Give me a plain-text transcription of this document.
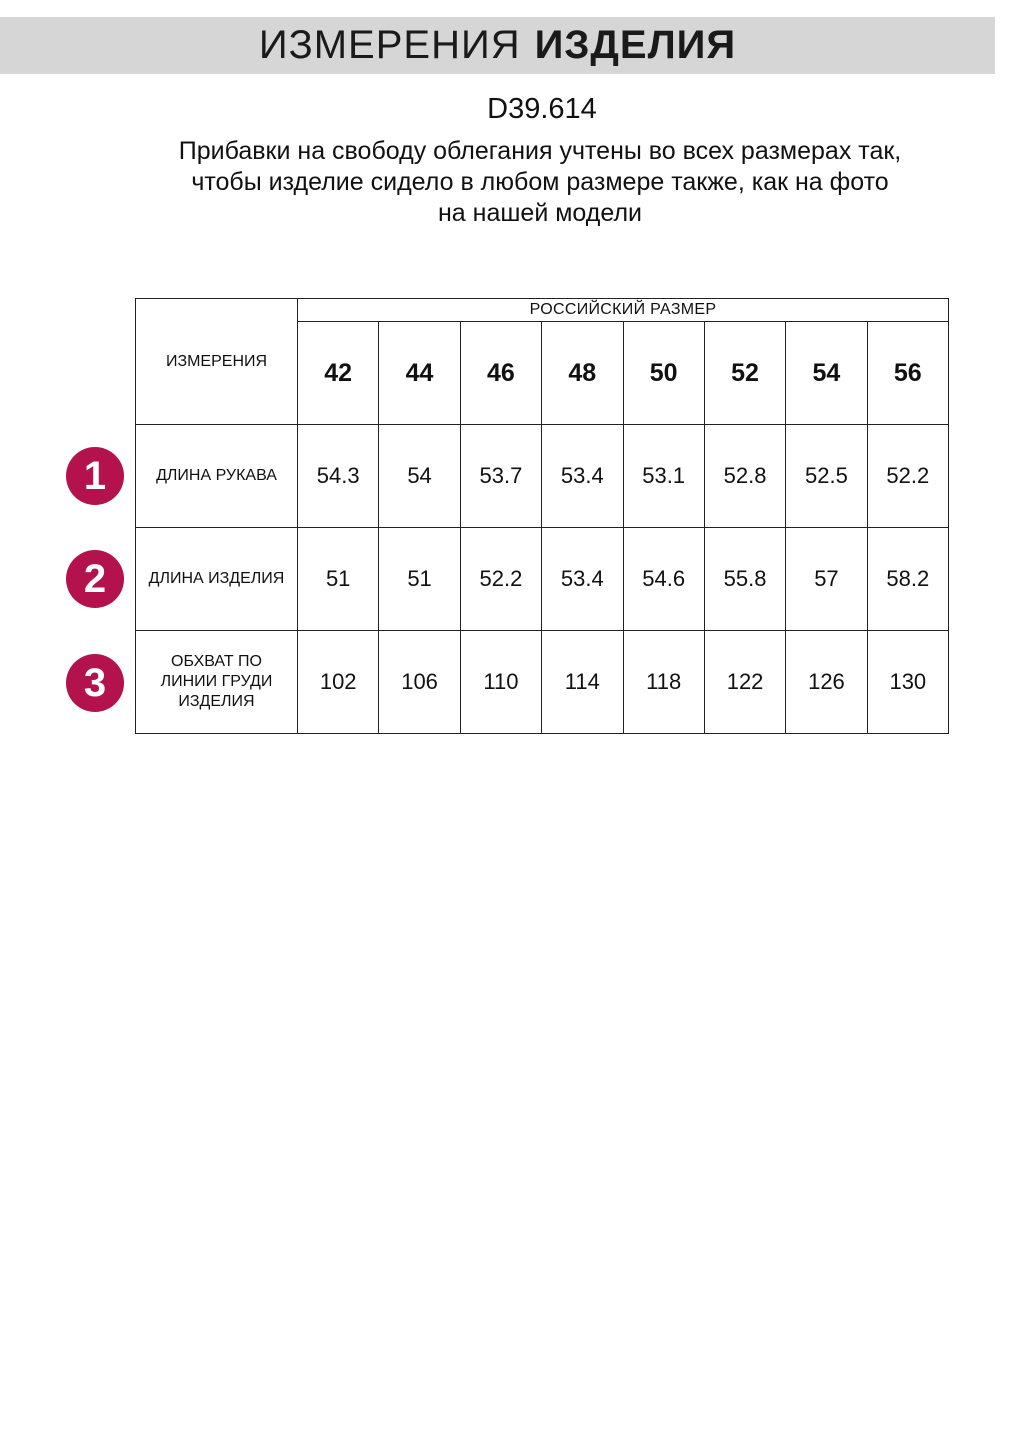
ИЗМЕРЕНИЯ ИЗДЕЛИЯ
D39.614
Прибавки на свободу облегания учтены во всех размерах так,
чтобы изделие сидело в любом размере также, как на фото
на нашей модели
ИЗМЕРЕНИЯ	РОССИЙСКИЙ РАЗМЕР							
	42	44	46	48	50	52	54	56
ДЛИНА РУКАВА	54.3	54	53.7	53.4	53.1	52.8	52.5	52.2
ДЛИНА ИЗДЕЛИЯ	51	51	52.2	53.4	54.6	55.8	57	58.2

ОБХВАТ ПО
ЛИНИИ ГРУДИ
ИЗДЕЛИЯ	102	106	110	114	118	122	126	130
1
2
3
